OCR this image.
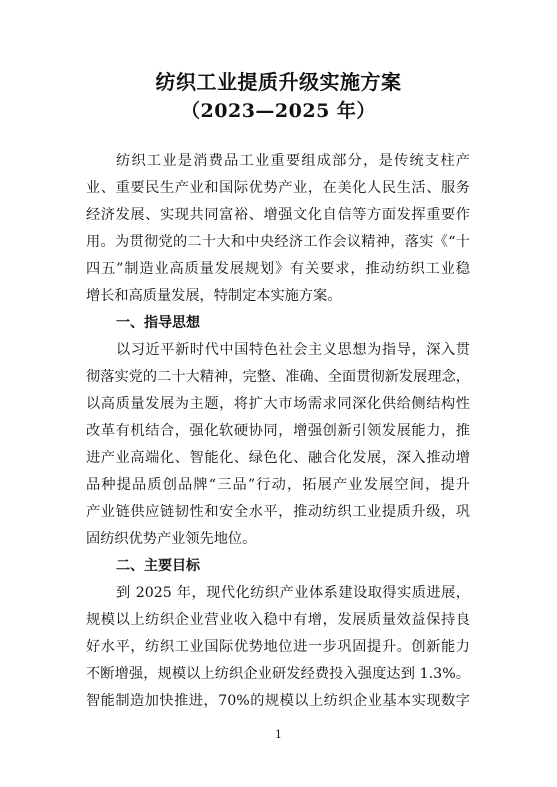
纺织工业提质升级实施方案
（2023—2025 年）
纺织工业是消费品工业重要组成部分，是传统支柱产
业、重要民生产业和国际优势产业，在美化人民生活、服务
经济发展、实现共同富裕、增强文化自信等方面发挥重要作
用。为贯彻党的二十大和中央经济工作会议精神，落实《“十
四五”制造业高质量发展规划》有关要求，推动纺织工业稳
增长和高质量发展，特制定本实施方案。
一、指导思想
以习近平新时代中国特色社会主义思想为指导，深入贯
彻落实党的二十大精神，完整、准确、全面贯彻新发展理念，
以高质量发展为主题，将扩大市场需求同深化供给侧结构性
改革有机结合，强化软硬协同，增强创新引领发展能力，推
进产业高端化、智能化、绿色化、融合化发展，深入推动增
品种提品质创品牌“三品”行动，拓展产业发展空间，提升
产业链供应链韧性和安全水平，推动纺织工业提质升级，巩
固纺织优势产业领先地位。
二、主要目标
到 2025 年，现代化纺织产业体系建设取得实质进展，
规模以上纺织企业营业收入稳中有增，发展质量效益保持良
好水平，纺织工业国际优势地位进一步巩固提升。创新能力
不断增强，规模以上纺织企业研发经费投入强度达到 1.3%。
智能制造加快推进，70%的规模以上纺织企业基本实现数字
1
